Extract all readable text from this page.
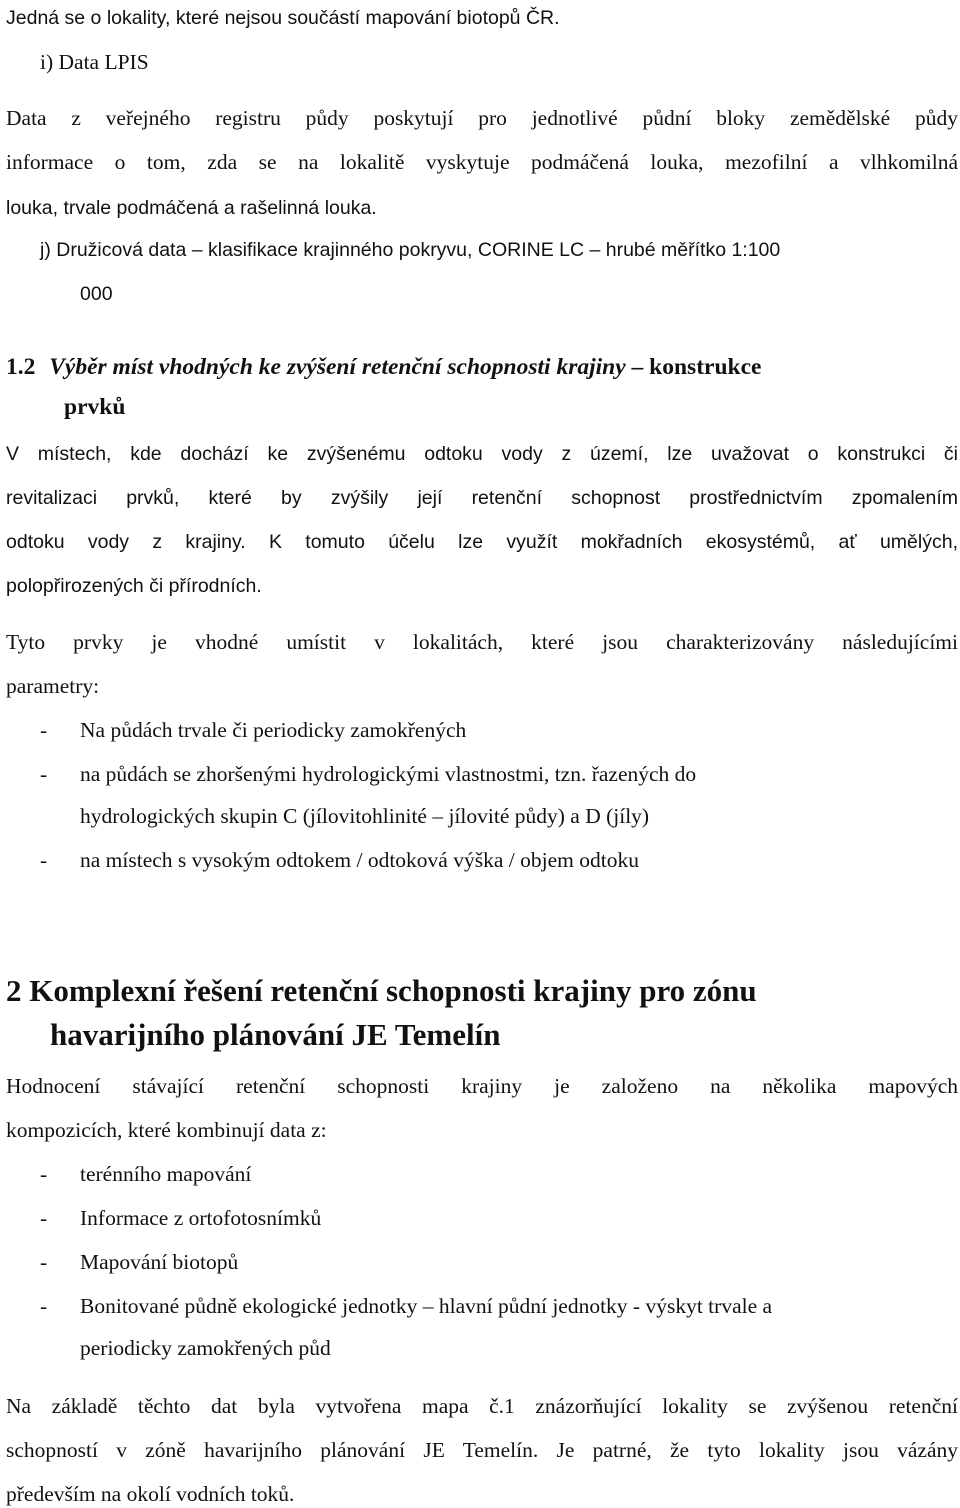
Jedná se o lokality, které nejsou součástí mapování biotopů ČR.
i) Data LPIS
Data z veřejného registru půdy poskytují pro jednotlivé půdní bloky zemědělské půdy
informace o tom, zda se na lokalitě vyskytuje podmáčená louka, mezofilní a vlhkomilná
louka, trvale podmáčená a rašelinná louka.
j) Družicová data – klasifikace krajinného pokryvu, CORINE LC – hrubé měřítko 1:100
000
1.2 Výběr míst vhodných ke zvýšení retenční schopnosti krajiny – konstrukce
prvků
V místech, kde dochází ke zvýšenému odtoku vody z území, lze uvažovat o konstrukci či
revitalizaci prvků, které by zvýšily její retenční schopnost prostřednictvím zpomalením
odtoku vody z krajiny. K tomuto účelu lze využít mokřadních ekosystémů, ať umělých,
polopřirozených či přírodních.
Tyto prvky je vhodné umístit v lokalitách, které jsou charakterizovány následujícími
parametry:
- Na půdách trvale či periodicky zamokřených
- na půdách se zhoršenými hydrologickými vlastnostmi, tzn. řazených do
hydrologických skupin C (jílovitohlinité – jílovité půdy) a D (jíly)
- na místech s vysokým odtokem / odtoková výška / objem odtoku
2 Komplexní řešení retenční schopnosti krajiny pro zónu
havarijního plánování JE Temelín
Hodnocení stávající retenční schopnosti krajiny je založeno na několika mapových
kompozicích, které kombinují data z:
- terénního mapování
- Informace z ortofotosnímků
- Mapování biotopů
- Bonitované půdně ekologické jednotky – hlavní půdní jednotky - výskyt trvale a
periodicky zamokřených půd
Na základě těchto dat byla vytvořena mapa č.1 znázorňující lokality se zvýšenou retenční
schopností v zóně havarijního plánování JE Temelín. Je patrné, že tyto lokality jsou vázány
především na okolí vodních toků.
